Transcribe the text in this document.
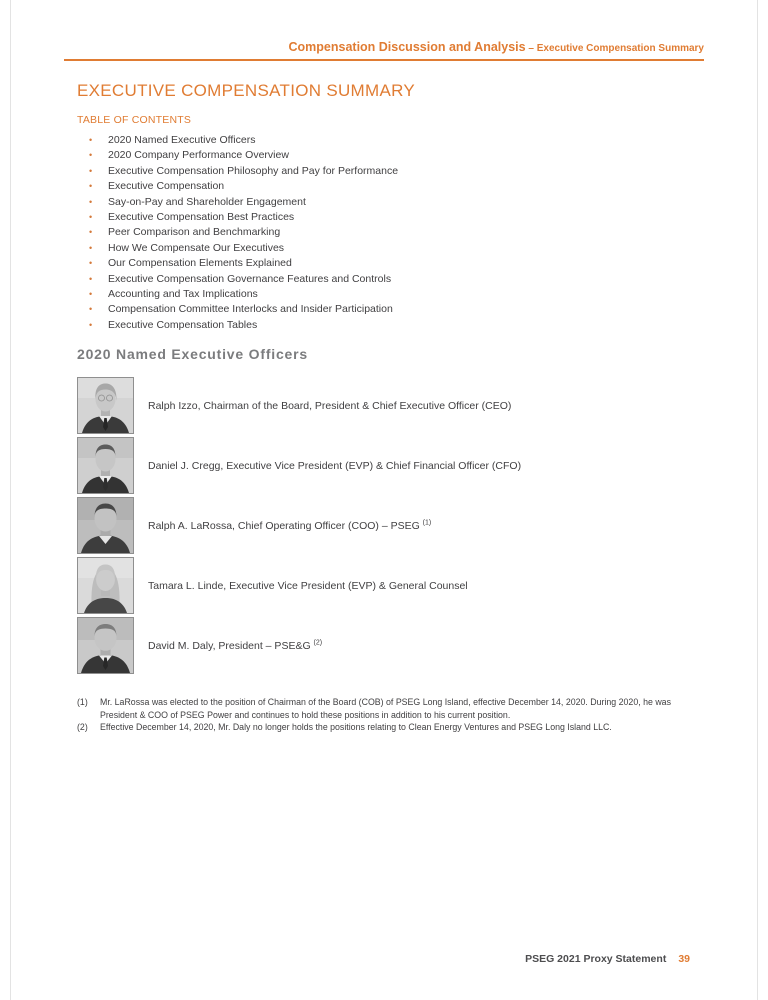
Compensation Discussion and Analysis – Executive Compensation Summary
EXECUTIVE COMPENSATION SUMMARY
TABLE OF CONTENTS
•	2020 Named Executive Officers
•	2020 Company Performance Overview
•	Executive Compensation Philosophy and Pay for Performance
•	Executive Compensation
•	Say-on-Pay and Shareholder Engagement
•	Executive Compensation Best Practices
•	Peer Comparison and Benchmarking
•	How We Compensate Our Executives
•	Our Compensation Elements Explained
•	Executive Compensation Governance Features and Controls
•	Accounting and Tax Implications
•	Compensation Committee Interlocks and Insider Participation
•	Executive Compensation Tables
2020 Named Executive Officers
Ralph Izzo, Chairman of the Board, President & Chief Executive Officer (CEO)
Daniel J. Cregg, Executive Vice President (EVP) & Chief Financial Officer (CFO)
Ralph A. LaRossa, Chief Operating Officer (COO) – PSEG $^{(1)}$
Tamara L. Linde, Executive Vice President (EVP) & General Counsel
David M. Daly, President – PSE&G $^{(2)}$
(1)	Mr. LaRossa was elected to the position of Chairman of the Board (COB) of PSEG Long Island, effective December 14, 2020. During 2020, he was President & COO of PSEG Power and continues to hold these positions in addition to his current position.
(2)	Effective December 14, 2020, Mr. Daly no longer holds the positions relating to Clean Energy Ventures and PSEG Long Island LLC.
PSEG 2021 Proxy Statement 39
